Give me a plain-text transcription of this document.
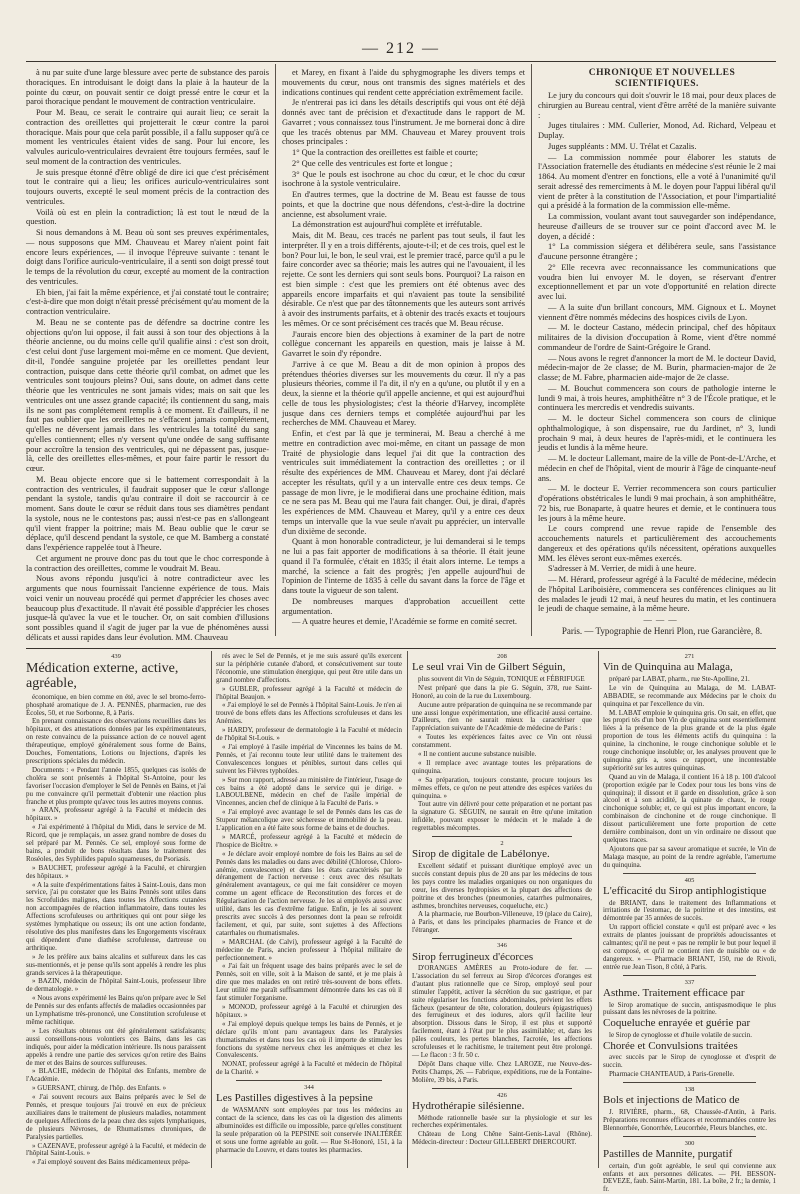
— 212 —

à nu par suite d'une large blessure avec perte de substance des parois thoraciques. En introduisant le doigt dans la plaie à la hauteur de la pointe du cœur, on pouvait sentir ce doigt pressé entre le cœur et la paroi thoracique pendant le mouvement de contraction ventriculaire.

Pour M. Beau, ce serait le contraire qui aurait lieu; ce serait la contraction des oreillettes qui projetterait le cœur contre la paroi thoracique. Mais pour que cela parût possible, il a fallu supposer qu'à ce moment les ventricules étaient vides de sang. Pour lui encore, les valvules auriculo-ventriculaires devraient être toujours fermées, sauf le seul moment de la contraction des ventricules.

Je suis presque étonné d'être obligé de dire ici que c'est précisément tout le contraire qui a lieu; les orifices auriculo-ventriculaires sont toujours ouverts, excepté le seul moment précis de la contraction des ventricules.

Voilà où est en plein la contradiction; là est tout le nœud de la question.

Si nous demandons à M. Beau où sont ses preuves expérimentales, — nous supposons que MM. Chauveau et Marey n'aient point fait encore leurs expériences, — il invoque l'épreuve suivante : tenant le doigt dans l'orifice auriculo-ventriculaire, il a senti son doigt pressé tout le temps de la révolution du cœur, excepté au moment de la contraction des ventricules.

Eh bien, j'ai fait la même expérience, et j'ai constaté tout le contraire; c'est-à-dire que mon doigt n'était pressé précisément qu'au moment de la contraction ventriculaire.

M. Beau ne se contente pas de défendre sa doctrine contre les objections qu'on lui oppose, il fait aussi à son tour des objections à la théorie ancienne, ou du moins celle qu'il qualifie ainsi : c'est son droit, c'est celui dont j'use largement moi-même en ce moment. Que devient, dit-il, l'ondée sanguine projetée par les oreillettes pendant leur contraction, puisque dans cette théorie qu'il combat, on admet que les ventricules sont toujours pleins? Oui, sans doute, on admet dans cette théorie que les ventricules ne sont jamais vides; mais on sait que les ventricules ont une assez grande capacité; ils contiennent du sang, mais ils ne sont pas complétement remplis à ce moment. Et d'ailleurs, il ne faut pas oublier que les oreillettes ne s'effacent jamais complétement, qu'elles ne déversent jamais dans les ventricules la totalité du sang qu'elles contiennent; elles n'y versent qu'une ondée de sang suffisante pour accroître la tension des ventricules, qui ne dépassent pas, jusque-là, celle des oreillettes elles-mêmes, et pour faire partir le ressort du cœur.

M. Beau objecte encore que si le battement correspondait à la contraction des ventricules, il faudrait supposer que le cœur s'allonge pendant la systole, tandis qu'au contraire il doit se raccourcir à ce moment. Sans doute le cœur se réduit dans tous ses diamètres pendant la systole, nous ne le contestons pas; aussi n'est-ce pas en s'allongeant qu'il vient frapper la poitrine; mais M. Beau oublie que le cœur se déplace, qu'il descend pendant la systole, ce que M. Bamberg a constaté dans l'expérience rappelée tout à l'heure.

Cet argument ne prouve donc pas du tout que le choc corresponde à la contraction des oreillettes, comme le voudrait M. Beau.

Nous avons répondu jusqu'ici à notre contradicteur avec les arguments que nous fournissait l'ancienne expérience de tous. Mais voici venir un nouveau procédé qui permet d'apprécier les choses avec beaucoup plus d'exactitude. Il n'avait été possible d'apprécier les choses jusque-là qu'avec la vue et le toucher. Or, on sait combien d'illusions sont possibles quand il s'agit de juger par la vue de phénomènes aussi délicats et aussi rapides dans leur évolution. MM. Chauveau

et Marey, en fixant à l'aide du sphygmographe les divers temps et mouvements du cœur, nous ont transmis des signes matériels et des indications continues qui rendent cette appréciation extrêmement facile.

Je n'entrerai pas ici dans les détails descriptifs qui vous ont été déjà donnés avec tant de précision et d'exactitude dans le rapport de M. Gavarret ; vous connaissez tous l'instrument. Je me bornerai donc à dire que les tracés obtenus par MM. Chauveau et Marey prouvent trois choses principales :

1° Que la contraction des oreillettes est faible et courte;

2° Que celle des ventricules est forte et longue ;

3° Que le pouls est isochrone au choc du cœur, et le choc du cœur isochrone à la systole ventriculaire.

En d'autres termes, que la doctrine de M. Beau est fausse de tous points, et que la doctrine que nous défendons, c'est-à-dire la doctrine ancienne, est absolument vraie.

La démonstration est aujourd'hui complète et irréfutable.

Mais, dit M. Beau, ces tracés ne parlent pas tout seuls, il faut les interpréter. Il y en a trois différents, ajoute-t-il; et de ces trois, quel est le bon? Pour lui, le bon, le seul vrai, est le premier tracé, parce qu'il a pu le faire concorder avec sa théorie; mais les autres qui ne l'avouaient, il les rejette. Ce sont les derniers qui sont seuls bons. Pourquoi? La raison en est bien simple : c'est que les premiers ont été obtenus avec des appareils encore imparfaits et qui n'avaient pas toute la sensibilité désirable. Ce n'est que par des tâtonnements que les auteurs sont arrivés à avoir des instruments parfaits, et à obtenir des tracés exacts et toujours les mêmes. Or ce sont précisément ces tracés que M. Beau récuse.

J'aurais encore bien des objections à examiner de la part de notre collègue concernant les appareils en question, mais je laisse à M. Gavarret le soin d'y répondre.

J'arrive à ce que M. Beau a dit de mon opinion à propos des prétendues théories diverses sur les mouvements du cœur. Il n'y a pas plusieurs théories, comme il l'a dit, il n'y en a qu'une, ou plutôt il y en a deux, la sienne et la théorie qu'il appelle ancienne, et qui est aujourd'hui celle de tous les physiologistes; c'est la théorie d'Harvey, incomplète jusque dans ces derniers temps et complétée aujourd'hui par les recherches de MM. Chauveau et Marey.

Enfin, et c'est par là que je terminerai, M. Beau a cherché à me mettre en contradiction avec moi-même, en citant un passage de mon Traité de physiologie dans lequel j'ai dit que la contraction des ventricules suit immédiatement la contraction des oreillettes ; or il résulte des expériences de MM. Chauveau et Marey, dont j'ai déclaré accepter les résultats, qu'il y a un intervalle entre ces deux temps. Ce passage de mon livre, je le modifierai dans une prochaine édition, mais ce ne sera pas M. Beau qui me l'aura fait changer. Oui, je dirai, d'après les expériences de MM. Chauveau et Marey, qu'il y a entre ces deux temps un intervalle que la vue seule n'avait pu apprécier, un intervalle d'un dixième de seconde.

Quant à mon honorable contradicteur, je lui demanderai si le temps ne lui a pas fait apporter de modifications à sa théorie. Il était jeune quand il l'a formulée, c'était en 1835; il était alors interne. Le temps a marché, la science a fait des progrès; j'en appelle aujourd'hui de l'opinion de l'interne de 1835 à celle du savant dans la force de l'âge et dans toute la vigueur de son talent.

De nombreuses marques d'approbation accueillent cette argumentation.

— A quatre heures et demie, l'Académie se forme en comité secret.

CHRONIQUE ET NOUVELLES SCIENTIFIQUES.

Le jury du concours qui doit s'ouvrir le 18 mai, pour deux places de chirurgien au Bureau central, vient d'être arrêté de la manière suivante :

Juges titulaires : MM. Cullerier, Monod, Ad. Richard, Velpeau et Duplay.

Juges suppléants : MM. U. Trélat et Cazalis.

— La commission nommée pour élaborer les statuts de l'Association fraternelle des étudiants en médecine s'est réunie le 2 mai 1864. Au moment d'entrer en fonctions, elle a voté à l'unanimité qu'il serait adressé des remerciments à M. le doyen pour l'appui libéral qu'il vient de prêter à la constitution de l'Association, et pour l'impartialité qui a présidé à la formation de la commission elle-même.

La commission, voulant avant tout sauvegarder son indépendance, heureuse d'ailleurs de se trouver sur ce point d'accord avec M. le doyen, a décidé :

1° La commission siégera et délibérera seule, sans l'assistance d'aucune personne étrangère ;

2° Elle recevra avec reconnaissance les communications que voudra bien lui envoyer M. le doyen, se réservant d'entrer exceptionnellement et par un vote d'opportunité en relation directe avec lui.

— A la suite d'un brillant concours, MM. Gignoux et L. Moynet viennent d'être nommés médecins des hospices civils de Lyon.

— M. le docteur Castano, médecin principal, chef des hôpitaux militaires de la division d'occupation à Rome, vient d'être nommé commandeur de l'ordre de Saint-Grégoire le Grand.

— Nous avons le regret d'annoncer la mort de M. le docteur David, médecin-major de 2e classe; de M. Burin, pharmacien-major de 2e classe; de M. Fabre, pharmacien aide-major de 2e classe.

— M. Bouchut commencera son cours de pathologie interne le lundi 9 mai, à trois heures, amphithéâtre n° 3 de l'École pratique, et le continuera les mercredis et vendredis suivants.

— M. le docteur Sichel commencera son cours de clinique ophthalmologique, à son dispensaire, rue du Jardinet, n° 3, lundi prochain 9 mai, à deux heures de l'après-midi, et le continuera les jeudis et lundis à la même heure.

— M. le docteur Lallemant, maire de la ville de Pont-de-L'Arche, et médecin en chef de l'hôpital, vient de mourir à l'âge de cinquante-neuf ans.

— M. le docteur E. Verrier recommencera son cours particulier d'opérations obstétricales le lundi 9 mai prochain, à son amphithéâtre, 72 bis, rue Bonaparte, à quatre heures et demie, et le continuera tous les jours à la même heure.

Le cours comprend une revue rapide de l'ensemble des accouchements naturels et particulièrement des accouchements dangereux et des opérations qu'ils nécessitent, opérations auxquelles MM. les élèves seront eux-mêmes exercés.

S'adresser à M. Verrier, de midi à une heure.

— M. Hérard, professeur agrégé à la Faculté de médecine, médecin de l'hôpital Lariboisière, commencera ses conférences cliniques au lit des malades le jeudi 12 mai, à neuf heures du matin, et les continuera le jeudi de chaque semaine, à la même heure.

———

Paris. — Typographie de Henri Plon, rue Garancière, 8.

439

Médication externe, active, agréable,

économique, en bien comme en été, avec le sel bromo-ferro-phosphaté aromatique de J. A. PENNÈS, pharmacien, rue des Écoles, 50, et rue Sorbonne, 8, à Paris.

En prenant connaissance des observations recueillies dans les hôpitaux, et des attestations données par les expérimentateurs, on reste convaincu de la puissance action de ce nouvel agent thérapeutique, employé généralement sous forme de Bains, Douches, Fomentations, Lotions ou Injections, d'après les prescriptions spéciales du médecin.

Documents : « Pendant l'année 1855, quelques cas isolés de choléra se sont présentés à l'hôpital St-Antoine, pour les favoriser l'occasion d'employer le Sel de Pennès en Bains, et j'ai pu me convaincre qu'il permettait d'obtenir une réaction plus franche et plus prompte qu'avec tous les autres moyens connus.

» ARAN, professeur agrégé à la Faculté et médecin des hôpitaux. »

« J'ai expérimenté à l'hôpital du Midi, dans le service de M. Ricord, que je remplaçais, un assez grand nombre de doses du sel préparé par M. Pennès. Ce sel, employé sous forme de bains, a produit de bons résultats dans le traitement des Roséoles, des Syphilides papulo squameuses, du Psoriasis.

» BAUCHET, professeur agrégé à la Faculté, et chirurgien des hôpitaux. »

« A la suite d'expérimentations faites à Saint-Louis, dans mon service, j'ai pu constater que les Bains Pennès sont utiles dans les Scrofulides malignes, dans toutes les Affections cutanées non accompagnées de réaction inflammatoire, dans toutes les Affections scrofuleuses ou arthritiques qui ont pour siège les systèmes lymphatique ou osseux; ils ont une action fondante, résolutive des plus manifestes dans les Engorgements viscéraux qui dépendent d'une diathèse scrofuleuse, dartreuse ou arthritique.

» Je les préfère aux bains alcalins et sulfureux dans les cas sus-mentionnés, et je pense qu'ils sont appelés à rendre les plus grands services à la thérapeutique.

» BAZIN, médecin de l'hôpital Saint-Louis, professeur libre de dermatologie. »

« Nous avons expérimenté les Bains qu'on prépare avec le Sel de Pennès sur des enfants affectés de maladies occasionnées par un Lymphatisme très-prononcé, une Constitution scrofuleuse et même rachitique.

» Les résultats obtenus ont été généralement satisfaisants; aussi conseillons-nous volontiers ces Bains, dans les cas indiqués, pour aider la médication intérieure. Ils nous paraissent appelés à rendre une partie des services qu'on retire des Bains de mer et des Bains de sources sulfureuses.

» BLACHE, médecin de l'hôpital des Enfants, membre de l'Académie.

» GUERSANT, chirurg. de l'hôp. des Enfants. »

« J'ai souvent recours aux Bains préparés avec le Sel de Pennès, et presque toujours j'ai trouvé en eux de précieux auxiliaires dans le traitement de plusieurs maladies, notamment de quelques Affections de la peau chez des sujets lymphatiques, de plusieurs Névroses, de Rhumatismes chroniques, de Paralysies partielles.

» CAZENAVE, professeur agrégé à la Faculté, et médecin de l'hôpital Saint-Louis. »

« J'ai employé souvent des Bains médicamenteux prépa-

rés avec le Sel de Pennès, et je me suis assuré qu'ils exercent sur la périphérie cutanée d'abord, et consécutivement sur toute l'économie, une stimulation énergique, qui peut être utile dans un grand nombre d'affections.

» GUBLER, professeur agrégé à la Faculté et médecin de l'hôpital Beaujon. »

« J'ai employé le sel de Pennès à l'hôpital Saint-Louis. Je n'en ai trouvé de bons effets dans les Affections scrofuleuses et dans les Anémies.

» HARDY, professeur de dermatologie à la Faculté et médecin de l'hôpital St-Louis. »

« J'ai employé à l'asile impérial de Vincennes les bains de M. Pennès, et j'ai reconnu toute leur utilité dans le traitement des Convalescences longues et pénibles, surtout dans celles qui suivent les Fièvres typhoïdes.

» Sur mon rapport, adressé au ministère de l'intérieur, l'usage de ces bains a été adopté dans le service qui je dirige. » LABOULBENE, médecin en chef de l'asile impérial de Vincennes, ancien chef de clinique à la Faculté de Paris. »

« J'ai employé avec avantage le sel de Pennès dans les cas de Stupeur mélancolique avec sécheresse et immobilité de la peau. L'application en a été faite sous forme de bains et de douches.

» MARCÉ, professeur agrégé à la Faculté et médecin de l'hospice de Bicêtre. »

« Je déclare avoir employé nombre de fois les Bains au sel de Pennès dans les maladies ou dans avec débilité (Chlorose, Chloro-anémie, convalescence) et dans les états caractérisés par le dérangement de l'action nerveuse : ceux avec des résultats généralement avantageux, ce qui me fait considérer ce moyen comme un agent efficace de Reconstitution des forces et de Régularisation de l'action nerveuse. Je les ai employés aussi avec utilité, dans les cas d'extrême fatigue. Enfin, je les ai souvent prescrits avec succès à des personnes dont la peau se refroidit facilement, et qui, par suite, sont sujettes à des Affections catarrhales ou rhumatismales.

» MARCHAL (de Calvi), professeur agrégé à la Faculté de médecine de Paris, ancien professeur à l'hôpital militaire de perfectionnement. »

« J'ai fait un fréquent usage des bains préparés avec le sel de Pennès, soit en ville, soit à la Maison de santé, et je me plais à dire que mes malades en ont retiré très-souvent de bons effets. Leur utilité me paraît suffisamment démontrée dans les cas où il faut stimuler l'organisme.

» MONOD, professeur agrégé à la Faculté et chirurgien des hôpitaux. »

« J'ai employé depuis quelque temps les bains de Pennès, et je déclare qu'ils m'ont paru avantageux dans les Paralysies rhumatismales et dans tous les cas où il importe de stimuler les fonctions du système nerveux chez les anémiques et chez les Convalescents.

NONAT, professeur agrégé à la Faculté et médecin de l'hôpital de la Charité. »

344

Les Pastilles digestives à la pepsine

de WASMANN sont employées par tous les médecins au contact de la science, dans les cas où la digestion des aliments albuminoïdes est difficile ou impossible, parce qu'elles constituent la seule préparation où la PEPSINE soit conservée INALTÉRÉE et sous une forme agréable au goût. — Rue St-Honoré, 151, à la pharmacie du Louvre, et dans toutes les pharmacies.

208

Le seul vrai Vin de Gilbert Séguin,

plus souvent dit Vin de Séguin, TONIQUE et FÉBRIFUGE

N'est préparé que dans la pie G. Séguin, 378, rue Saint-Honoré, au coin de la rue du Luxembourg.

Aucune autre préparation de quinquina ne se recommande par une aussi longue expérimentation, une efficacité aussi certaine. D'ailleurs, rien ne saurait mieux la caractériser que l'appréciation suivante de l'Académie de médecine de Paris :

« Toutes les expériences faites avec ce Vin ont réussi constamment.

« Il ne contient aucune substance nuisible.

« Il remplace avec avantage toutes les préparations de quinquina.

« Sa préparation, toujours constante, procure toujours les mêmes effets, ce qu'on ne peut attendre des espèces variées du quinquina. »

Tout autre vin délivré pour cette préparation et ne portant pas la signature G. SÉGUIN, ne saurait en être qu'une imitation infidèle, pouvant exposer le médecin et le malade à de regrettables mécomptes.

2

Sirop de digitale de Labélonye.

Excellent sédatif et puissant diurétique employé avec un succès constant depuis plus de 20 ans par les médecins de tous les pays contre les maladies organiques ou non organiques du cœur, les diverses hydropisies et la plupart des affections de poitrine et des bronches (pneumonies, catarrhes pulmonaires, asthmes, bronchites nerveuses, coqueluche, etc.)

A la pharmacie, rue Bourbon-Villeneuve, 19 (place du Caire), à Paris, et dans les principales pharmacies de France et de l'étranger.

346

Sirop ferrugineux d'écorces

D'ORANGES AMÈRES au Proto-iodure de fer. — L'association du sel ferreux au Sirop d'écorces d'oranges est d'autant plus rationnelle que ce Sirop, employé seul pour stimuler l'appétit, activer la sécrétion du suc gastrique, et par suite régulariser les fonctions abdominales, prévient les effets fâcheux (pesanteur de tête, coloration, douleurs épigastriques) des ferrugineux et des iodures, alors qu'il facilite leur absorption. Dissous dans le Sirop, il est plus et supporté facilement, étant à l'état pur le plus assimilable; et, dans les pâles couleurs, les pertes blanches, l'acrotée, les affections scrofuleuses et le rachitisme, le traitement peut être prolongé. — Le flacon : 3 fr. 50 c.

Dépôt Dans chaque ville. Chez LAROZE, rue Neuve-des-Petits Champs, 26. — Fabrique, expéditions, rue de la Fontaine-Molière, 39 bis, à Paris.

426

Hydrothérapie silésienne.

Méthode rationnelle basée sur la physiologie et sur les recherches expérimentales.

Château de Long Chêne Saint-Genis-Laval (Rhône). Médecin-directeur : Docteur GILLEBERT DHERCOURT.

271

Vin de Quinquina au Malaga,

préparé par LABAT, pharm., rue Ste-Apolline, 21.

Le vin de Quinquina au Malaga, de M. LABAT-ABBADIE, se recommande aux Médecins par le choix du quinquina et par l'excellence du vin.

M. LABAT emploie le quinquina gris. On sait, en effet, que les propri tés d'un bon Vin de quinquina sont essentiellement liées à la présence de la plus grande et de la plus égale proportion de tous les éléments actifs du quinquina : la quinine, la cinchonine, le rouge cinchonique soluble et le rouge cinchonique insoluble; or, les analyses prouvent que le quinquina gris a, sous ce rapport, une incontestable supériorité sur les autres quinquinas.

Quand au vin de Malaga, il contient 16 à 18 p. 100 d'alcool (proportion exigée par le Codex pour tous les bons vins de quinquina); il dissout et il garde en dissolution, grâce à son alcool et à son acidité, la quinate de chaux, le rouge cinchonique soluble; et, ce qui est plus important encore, la combinaison de cinchonine et de rouge cinchonique. Il dissout particulièrement une forte proportion de cette dernière combinaison, dont un vin ordinaire ne dissout que quelques traces.

Ajoutons que par sa saveur aromatique et sucrée, le Vin de Malaga masque, au point de la rendre agréable, l'amertume du quinquina.

405

L'efficacité du Sirop antiphlogistique

de BRIANT, dans le traitement des Inflammations et irritations de l'estomac, de la poitrine et des intestins, est démontrée par 35 années de succès.

Un rapport officiel constate « qu'il est préparé avec « les extraits de plantes jouissant de propriétés adoucissantes et calmantes; qu'il ne peut « pas ne remplir le but pour lequel il est composé, et qu'il ne contient rien de nuisible ou « de dangereux. » — Pharmacie BRIANT, 150, rue de Rivoli, entrée rue Jean Tison, 8 côté, à Paris.

337

Asthme. Traitement efficace par

le Sirop aromatique de succin, antispasmodique le plus puissant dans les névroses de la poitrine.

Coqueluche enrayée et guérie par

le Sirop de cynoglosse et d'huile volatile de succin.

Chorée et Convulsions traitées

avec succès par le Sirop de cynoglosse et d'esprit de succin.

Pharmacie CHANTEAUD, à Paris-Grenelle.

138

Bols et injections de Matico de

J. RIVIÈRE, pharm., 68, Chaussée-d'Antin, à Paris. Préparations reconnues efficaces et recommandées contre les Blennorrhée, Gonorrhée, Leucorrhée, Fleurs blanches, etc.

300

Pastilles de Mannite, purgatif

certain, d'un goût agréable, le seul qui convienne aux enfants et aux personnes délicates. — PH. BESSON-DEVEZE, faub. Saint-Martin, 181. La boîte, 2 fr.; la demie, 1 fr.
